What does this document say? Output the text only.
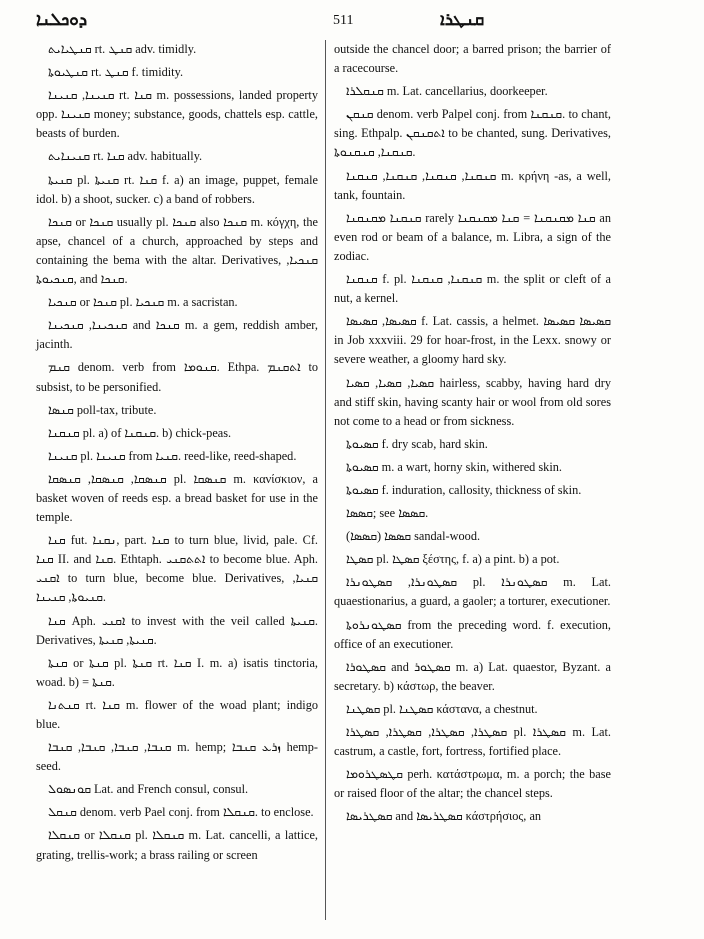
ܕܘܟܠܢܐ	511	ܩܢܛܪܐ

ܩܢܛܝܐܝܬ rt. ܩܢܛ adv. timidly.

ܩܢܛܝܘܬܐ rt. ܩܢܛ f. timidity.

ܩܢܝܢܐ, ܩܢܝܢܐ rt. ܩܢܐ m. possessions, landed property opp. ܩܢܝܢܐ money; substance, goods, chattels esp. cattle, beasts of burden.

ܩܢܝܢܐܝܬ rt. ܩܢܐ adv. habitually.

ܩܢܝܬܐ pl. ܩܢܝܬܐ rt. ܩܢܐ f. a) an image, puppet, female idol. b) a shoot, sucker. c) a band of robbers.

ܩܢܟܐ or ܩܢܟܐ usually pl. ܩܢܟܐ also ܩܢܟܐ m. κόγχη, the apse, chancel of a church, approached by steps and containing the bema with the altar. Derivatives, ܩܢܟܝܐ, ܩܢܟܝܘܬܐ, and ܩܢܟܐ.

ܩܢܟܝܐ or ܩܢܟܐ pl. ܩܢܟܝܐ m. a sacristan.

ܩܢܟܝܢܐ, ܩܢܟܝܢܐ and ܩܢܟܐ m. a gem, reddish amber, jacinth.

ܩܢܡ denom. verb from ܩܢܘܡܐ. Ethpa. ܐܬܩܢܡ to subsist, to be personified.

ܩܢܣܐ poll-tax, tribute.

ܩܢܩܢܐ pl. a) of ܩܢܩܢܐ. b) chick-peas.

ܩܢܝܢܐ pl. ܩܢܝܢܐ from ܩܢܝܐ. reed-like, reed-shaped.

ܩܢܣܩܐ, ܩܢܣܩܐ, ܩܢܣܩܐ pl. ܩܢܣܩܐ m. κανίσκιον, a basket woven of reeds esp. a bread basket for use in the temple.

ܩܢܐ fut. ܢܩܢܐ, part. ܩܢܐ to turn blue, livid, pale. Cf. ܩܢܐ II. and ܩܢܐ. Ethtaph. ܐܬܬܩܢܝ to become blue. Aph. ܐܩܢܝ to turn blue, become blue. Derivatives, ܩܢܝܐ, ܩܢܝܘܬܐ, ܩܢܝܢܐ.

ܩܢܐ Aph. ܐܩܢܝ to invest with the veil called ܩܢܝܬܐ. Derivatives, ܩܢܝܬܐ, ܩܢܝܬܐ.

ܩܢܬܐ or ܩܢܬܐ pl. ܩܢܬܐ rt. ܩܢܐ I. m. a) isatis tinctoria, woad. b) = ܩܢܬܐ.

ܩܢܬܢܐ rt. ܩܢܐ m. flower of the woad plant; indigo blue.

ܩܢܒܐ, ܩܢܒܐ, ܩܢܒܐ, ܩܢܒܐ m. hemp; ܙܪܥ ܩܢܒܐ hemp-seed.

ܩܘܢܣܘܠ Lat. and French consul, consul.

ܩܢܩܠ denom. verb Pael conj. from ܩܢܩܠܐ. to enclose.

ܩܢܩܠܐ or ܩܢܩܠܐ pl. ܩܢܩܠܐ m. Lat. cancelli, a lattice, grating, trellis-work; a brass railing or screen

outside the chancel door; a barred prison; the barrier of a racecourse.

ܩܢܩܠܪܐ m. Lat. cancellarius, doorkeeper.

ܩܢܩܢ denom. verb Palpel conj. from ܩܢܩܢܐ. to chant, sing. Ethpalp. ܐܬܩܢܩܢ to be chanted, sung. Derivatives, ܩܢܩܢܐ, ܩܢܩܢܘܬܐ.

ܩܢܩܢܐ, ܩܢܩܢܐ, ܩܢܩܢܐ, ܩܢܩܢܐ m. κρήνη -as, a well, tank, fountain.

ܩܢܩܢܐ ܡܩܢܩܢܐ rarely ܩܢܐ ܡܩܢܩܢܐ = ܩܢܐ ܡܩܢܩܢܐ an even rod or beam of a balance, m. Libra, a sign of the zodiac.

ܩܢܩܢܐ f. pl. ܩܢܩܢܐ, ܩܢܩܢܐ m. the split or cleft of a nut, a kernel.

ܩܣܝܣܐ, ܩܣܝܣܐ f. Lat. cassis, a helmet. ܩܣܝܣܐ ܩܣܝܣܐ in Job xxxviii. 29 for hoar-frost, in the Lexx. snowy or severe weather, a gloomy hard sky.

ܩܣܝܐ, ܩܣܝܐ, ܩܣܝܐ hairless, scabby, having hard dry and stiff skin, having scanty hair or wool from old sores not come to a head or from sickness.

ܩܣܝܘܬܐ f. dry scab, hard skin.

ܩܣܝܘܬܐ m. a wart, horny skin, withered skin.

ܩܣܝܘܬܐ f. induration, callosity, thickness of skin.

ܩܣܣܐ; see ܩܣܣܐ.

ܩܣܣܐ (ܩܣܣܐ) sandal-wood.

ܩܣܛܐ pl. ܩܣܛܐ ξέστης, f. a) a pint. b) a pot.

ܩܣܛܘܢܪܐ, ܩܣܛܘܢܪܐ pl. ܩܣܛܘܢܪܐ m. Lat. quaestionarius, a guard, a gaoler; a torturer, executioner.

ܩܣܛܘܢܪܘܬܐ from the preceding word. f. execution, office of an executioner.

ܩܣܛܘܪܐ and ܩܣܛܘܪ m. a) Lat. quaestor, Byzant. a secretary. b) κάστωρ, the beaver.

ܩܣܛܢܐ pl. ܩܣܛܢܐ κάστανα, a chestnut.

ܩܣܛܪܐ, ܩܣܛܪܐ, ܩܣܛܪܐ, ܩܣܛܪܐ pl. ܩܣܛܪܐ m. Lat. castrum, a castle, fort, fortress, fortified place.

ܩܛܣܛܪܘܡܐ perh. κατάστρωμα, m. a porch; the base or raised floor of the altar; the chancel steps.

ܩܣܛܪܝܣܐ and ܩܣܛܪܝܣܐ κάστρήσιος, an
